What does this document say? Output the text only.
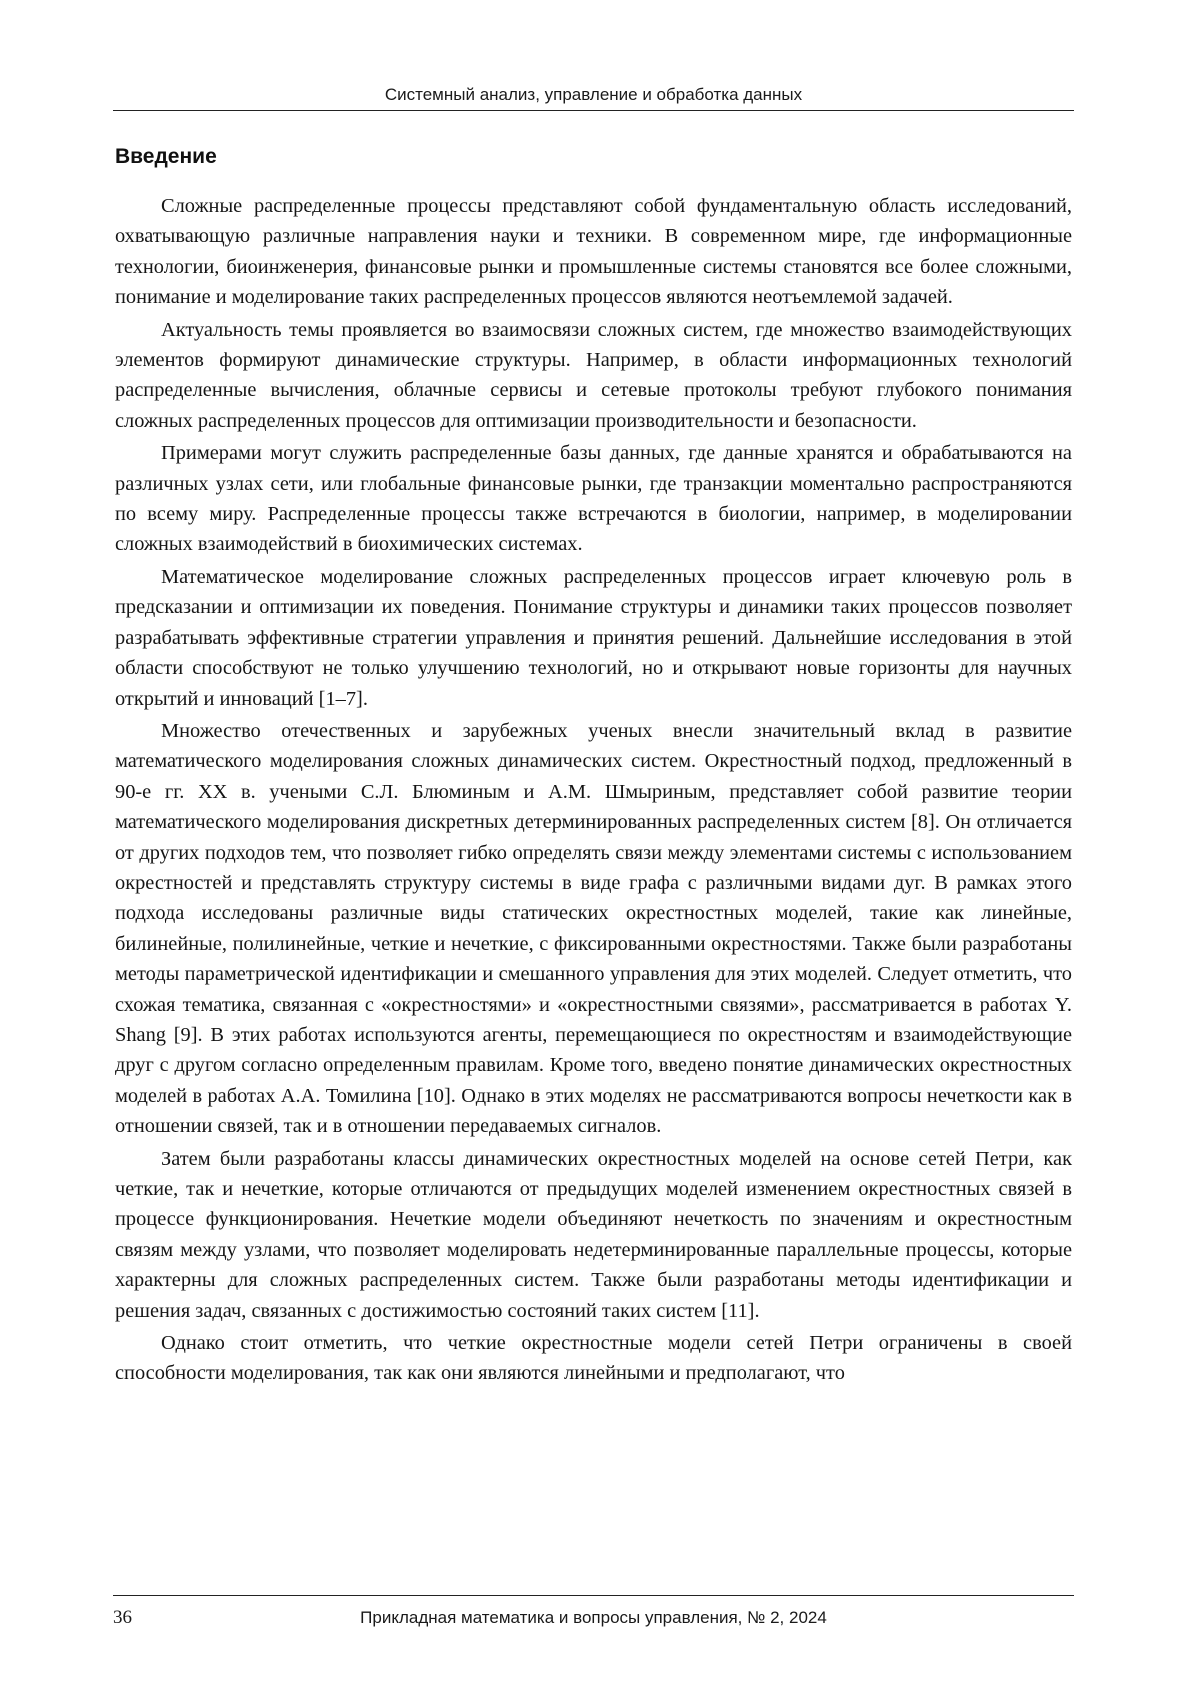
Системный анализ, управление и обработка данных
Введение

Сложные распределенные процессы представляют собой фундаментальную область исследований, охватывающую различные направления науки и техники. В современном мире, где информационные технологии, биоинженерия, финансовые рынки и промышленные системы становятся все более сложными, понимание и моделирование таких распределенных процессов являются неотъемлемой задачей.

Актуальность темы проявляется во взаимосвязи сложных систем, где множество взаимодействующих элементов формируют динамические структуры. Например, в области информационных технологий распределенные вычисления, облачные сервисы и сетевые протоколы требуют глубокого понимания сложных распределенных процессов для оптимизации производительности и безопасности.

Примерами могут служить распределенные базы данных, где данные хранятся и обрабатываются на различных узлах сети, или глобальные финансовые рынки, где транзакции моментально распространяются по всему миру. Распределенные процессы также встречаются в биологии, например, в моделировании сложных взаимодействий в биохимических системах.

Математическое моделирование сложных распределенных процессов играет ключевую роль в предсказании и оптимизации их поведения. Понимание структуры и динамики таких процессов позволяет разрабатывать эффективные стратегии управления и принятия решений. Дальнейшие исследования в этой области способствуют не только улучшению технологий, но и открывают новые горизонты для научных открытий и инноваций [1–7].

Множество отечественных и зарубежных ученых внесли значительный вклад в развитие математического моделирования сложных динамических систем. Окрестностный подход, предложенный в 90-е гг. XX в. учеными С.Л. Блюминым и А.М. Шмыриным, представляет собой развитие теории математического моделирования дискретных детерминированных распределенных систем [8]. Он отличается от других подходов тем, что позволяет гибко определять связи между элементами системы с использованием окрестностей и представлять структуру системы в виде графа с различными видами дуг. В рамках этого подхода исследованы различные виды статических окрестностных моделей, такие как линейные, билинейные, полилинейные, четкие и нечеткие, с фиксированными окрестностями. Также были разработаны методы параметрической идентификации и смешанного управления для этих моделей. Следует отметить, что схожая тематика, связанная с «окрестностями» и «окрестностными связями», рассматривается в работах Y. Shang [9]. В этих работах используются агенты, перемещающиеся по окрестностям и взаимодействующие друг с другом согласно определенным правилам. Кроме того, введено понятие динамических окрестностных моделей в работах А.А. Томилина [10]. Однако в этих моделях не рассматриваются вопросы нечеткости как в отношении связей, так и в отношении передаваемых сигналов.

Затем были разработаны классы динамических окрестностных моделей на основе сетей Петри, как четкие, так и нечеткие, которые отличаются от предыдущих моделей изменением окрестностных связей в процессе функционирования. Нечеткие модели объединяют нечеткость по значениям и окрестностным связям между узлами, что позволяет моделировать недетерминированные параллельные процессы, которые характерны для сложных распределенных систем. Также были разработаны методы идентификации и решения задач, связанных с достижимостью состояний таких систем [11].

Однако стоит отметить, что четкие окрестностные модели сетей Петри ограничены в своей способности моделирования, так как они являются линейными и предполагают, что

36	Прикладная математика и вопросы управления, № 2, 2024
